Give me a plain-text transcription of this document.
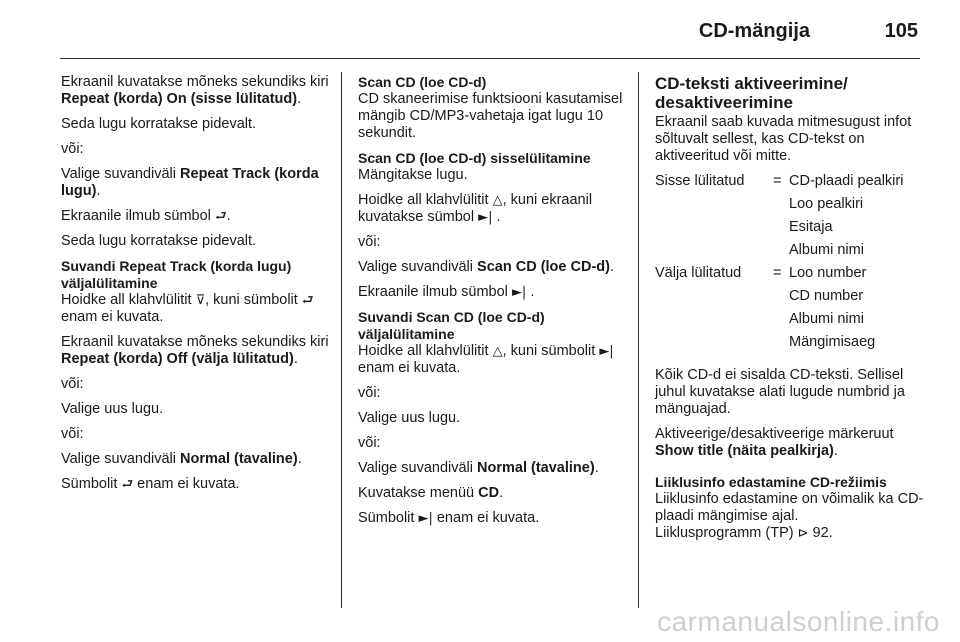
CD-mängija	105

Ekraanil kuvatakse mõneks sekundiks kiri Repeat (korda) On (sisse lülitatud).

Seda lugu korratakse pidevalt.

või:

Valige suvandiväli Repeat Track (korda lugu).

Ekraanile ilmub sümbol ⮐.

Seda lugu korratakse pidevalt.

Suvandi Repeat Track (korda lugu) väljalülitamine

Hoidke all klahvlülitit ⊽, kuni sümbolit ⮐ enam ei kuvata.

Ekraanil kuvatakse mõneks sekundiks kiri Repeat (korda) Off (välja lülitatud).

või:

Valige uus lugu.

või:

Valige suvandiväli Normal (tavaline).

Sümbolit ⮐ enam ei kuvata.

Scan CD (loe CD-d)

CD skaneerimise funktsiooni kasutamisel mängib CD/MP3-vahetaja igat lugu 10 sekundit.

Scan CD (loe CD-d) sisselülitamine

Mängitakse lugu.

Hoidke all klahvlülitit △, kuni ekraanil kuvatakse sümbol ►| .

või:

Valige suvandiväli Scan CD (loe CD-d).

Ekraanile ilmub sümbol ►| .

Suvandi Scan CD (loe CD-d) väljalülitamine

Hoidke all klahvlülitit △, kuni sümbolit ►| enam ei kuvata.

või:

Valige uus lugu.

või:

Valige suvandiväli Normal (tavaline).

Kuvatakse menüü CD.

Sümbolit ►| enam ei kuvata.

CD-teksti aktiveerimine/ desaktiveerimine

Ekraanil saab kuvada mitmesugust infot sõltuvalt sellest, kas CD-tekst on aktiveeritud või mitte.

Sisse lülitatud	=	CD-plaadi pealkiri
		Loo pealkiri
		Esitaja
		Albumi nimi
Välja lülitatud	=	Loo number
		CD number
		Albumi nimi
		Mängimisaeg

Kõik CD-d ei sisalda CD-teksti. Sellisel juhul kuvatakse alati lugude numbrid ja mänguajad.

Aktiveerige/desaktiveerige märkeruut Show title (näita pealkirja).

Liiklusinfo edastamine CD-režiimis
Liiklusinfo edastamine on võimalik ka CD-plaadi mängimise ajal.
Liiklusprogramm (TP) ⊳ 92.
carmanualsonline.info
